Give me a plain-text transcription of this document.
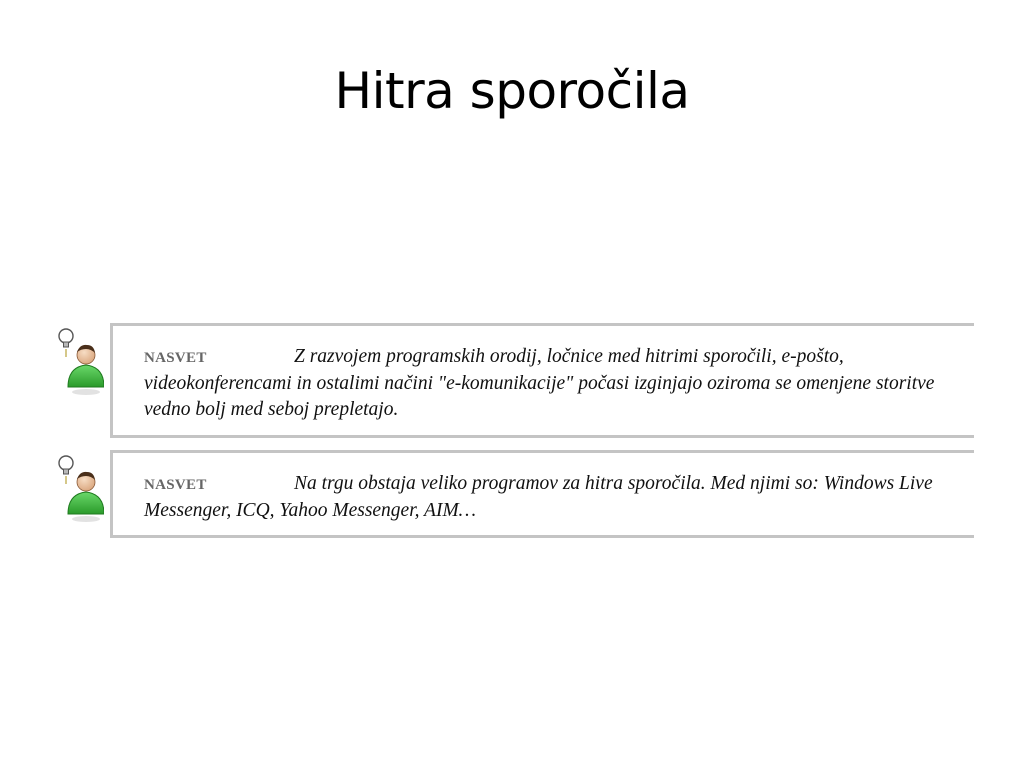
Hitra sporočila
NASVET	Z razvojem programskih orodij, ločnice med hitrimi sporočili, e-pošto, videokonferencami in ostalimi načini "e-komunikacije" počasi izginjajo oziroma se omenjene storitve vedno bolj med seboj prepletajo.
NASVET	Na trgu obstaja veliko programov za hitra sporočila. Med njimi so: Windows Live Messenger, ICQ, Yahoo Messenger, AIM…
